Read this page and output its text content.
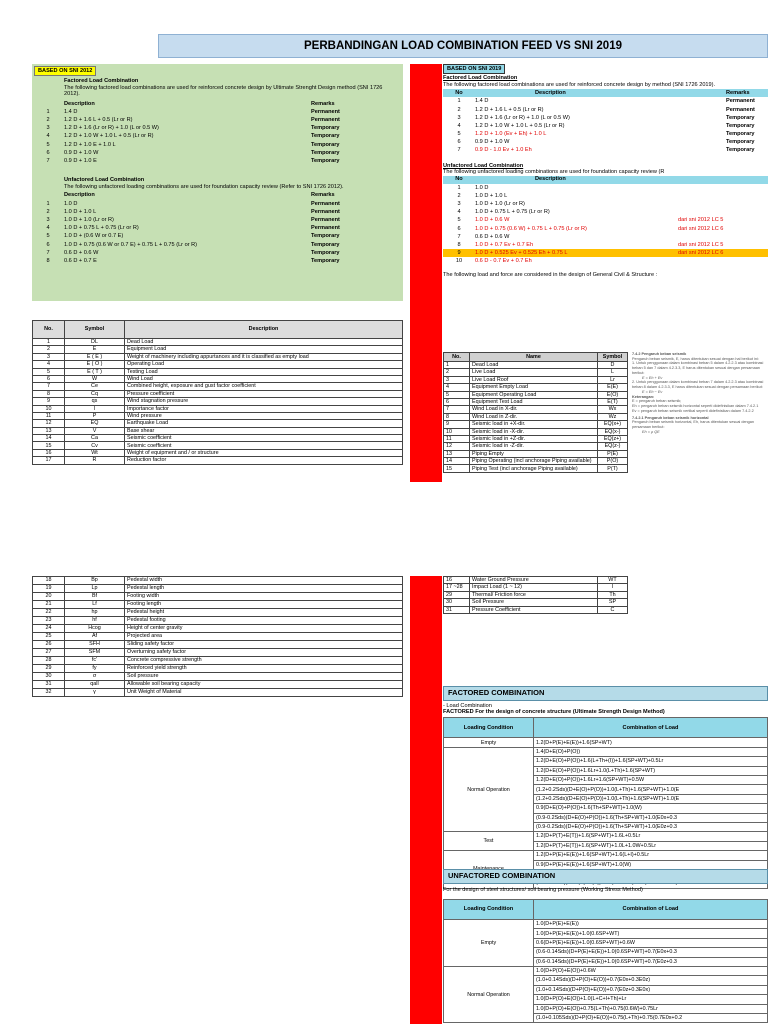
PERBANDINGAN LOAD COMBINATION FEED VS SNI 2019
BASED ON SNI 2012
Factored Load Combination
The following factored load combinations are used for reinforced concrete design by Ultimate Strenght Design method (SNI 1726 2012).
Description	Remarks
1	1.4 D	Permanent
2	1.2 D + 1.6 L + 0.5 (Lr or R)	Permanent
3	1.2 D + 1.6 (Lr or R) + 1.0 (L or 0.5 W)	Temporary
4	1.2 D + 1.0 W + 1.0 L + 0.5 (Lr or R)	Temporary
5	1.2 D + 1.0 E + 1.0 L	Temporary
6	0.9 D + 1.0 W	Temporary
7	0.9 D + 1.0 E	Temporary
Unfactored Load Combination
The following unfactored loading combinations are used for foundation capacity review (Refer to SNI 1726 2012).
Description	Remarks
1	1.0 D	Permanent
2	1.0 D + 1.0 L	Permanent
3	1.0 D + 1.0 (Lr or R)	Permanent
4	1.0 D + 0.75 L + 0.75 (Lr or R)	Permanent
5	1.0 D + (0.6 W or 0.7 E)	Temporary
6	1.0 D + 0.75 (0.6 W or 0.7 E) + 0.75 L + 0.75 (Lr or R)	Temporary
7	0.6 D + 0.6 W	Temporary
8	0.6 D + 0.7 E	Temporary
No.	Symbol	Description
1	DL	Dead Load
2	E	Equipment Load
3	E ( E )	Weight of machinery including appurtances and it is classified as empty load
4	E ( O )	Operating Load
5	E ( T )	Testing Load
6	W	Wind Load
7	Ce	Combined height, exposure and gust factor coefficient
8	Cq	Pressure coefficient
9	qs	Wind stagnation pressure
10	I	Importance factor
11	P	Wind pressure
12	EQ	Earthquake Load
13	V	Base shear
14	Ca	Seismic coefficient
15	Cv	Seismic coefficient
16	Wt	Weight of equipment and / or structure
17	R	Reduction factor
18	Bp	Pedestal width
19	Lp	Pedestal length
20	Bf	Footing width
21	Lf	Footing length
22	hp	Pedestal height
23	hf	Pedestal footing
24	Hcog	Height of center gravity
25	Af	Projected area
26	SFH	Sliding safety factor
27	SFM	Overturning safety factor
28	fc'	Concrete compressive strength
29	fy	Reinforced yield strength
30	σ	Soil pressure
31	qall	Allowable soil bearing capacity
32	γ	Unit Weight of Material
BASED ON SNI 2019
Factored Load Combination
The following factored load combinations are used for reinforced concrete design by method (SNI 1726 2019).
No	Description	Remarks
1	1.4 D	Permanent
2	1.2 D + 1.6 L + 0.5 (Lr or R)	Permanent
3	1.2 D + 1.6 (Lr or R) + 1.0 (L or 0.5 W)	Temporary
4	1.2 D + 1.0 W + 1.0 L + 0.5 (Lr or R)	Temporary
5	1.2 D + 1.0 (Ev + Eh) + 1.0 L	Temporary
6	0.9 D + 1.0 W	Temporary
7	0.9 D - 1.0 Ev + 1.0 Eh	Temporary
Unfactored Load Combination
The following unfactored loading combinations are used for foundation capacity review (R
No	Description
1	1.0 D
2	1.0 D + 1.0 L
3	1.0 D + 1.0 (Lr or R)
4	1.0 D + 0.75 L + 0.75 (Lr or R)
5	1.0 D + 0.6 W	dari sni 2012 LC 5
6	1.0 D + 0.75 (0.6 W) + 0.75 L + 0.75 (Lr or R)	dari sni 2012 LC 6
7	0.6 D + 0.6 W
8	1.0 D + 0.7 Ev + 0.7 Eh	dari sni 2012 LC 5
9	1.0 D + 0.525 Ev + 0.525 Eh + 0.75 L	dari sni 2012 LC 6
10	0.6 D - 0.7 Ev + 0.7 Eh
The following load and force are considered in the design of General Civil & Structure :
No.	Name	Symbol
1	Dead Load	D
2	Live Load	L
3	Live Load Roof	Lr
4	Equipment Empty Load	E(E)
5	Equipment Operating Load	E(O)
6	Equipment Test Load	E(T)
7	Wind Load in X-dir.	Wx
8	Wind Load in Z-dir.	Wz
9	Seismic load in +X-dir.	EQ(x+)
10	Seismic load in -X-dir.	EQ(x-)
11	Seismic load in +Z-dir.	EQ(z+)
12	Seismic load in -Z-dir.	EQ(z-)
13	Piping Empty	P(E)
14	Piping Operating (incl anchorage Piping available)	P(O)
15	Piping Test (incl anchorage Piping available)	P(T)
7.4.2 Pengaruh beban seismik
Pengaruh beban seismik, E, harus ditentukan sesuai dengan hal berikut ini:
1. Untuk penggunaan dalam kombinasi beban 5 dalam 4.2.2.3 atau kombinasi beban 5 dan 7 dalam 4.2.3.3, E harus ditentukan sesuai dengan persamaan berikut:
E = Eh + Ev
2. Untuk penggunaan dalam kombinasi beban 7 dalam 4.2.2.3 atau kombinasi beban 8 dalam 4.2.3.3, E harus ditentukan sesuai dengan persamaan berikut:
E = Eh − Ev
Keterangan:
E = pengaruh beban seismik;
Eh = pengaruh beban seismik horizontal seperti didefinisikan dalam 7.4.2.1
Ev = pengaruh beban seismik vertikal seperti didefinisikan dalam 7.4.2.2
7.4.2.1 Pengaruh beban seismik horizontal
Pengaruh beban seismik horizontal, Eh, harus ditentukan sesuai dengan persamaan berikut:
Eh = ρ QE
16	Water Ground Pressure	WT
17 ~28	Impact Load (1 ~ 12)	I
29	Thermal/ Friction force	Th
30	Soil Pressure	SP
31	Pressure Coefficient	C
FACTORED COMBINATION
- Load Combination
FACTORED For the design of concrete structure (Ultimate Strength Design Method)
Loading Condition	Combination of Load
Empty	1.2(D+P(E)+E(E))+1.6(SP+WT)
Normal Operation	1.4(D+E(O)+P(O))
	1.2(D+E(O)+P(O))+1.6(L+Th+(I))+1.6(SP+WT)+0.5Lr
	1.2(D+E(O)+P(O))+1.6Lr+1.0(L+Th)+1.6(SP+WT)
	1.2(D+E(O)+P(O))+1.6Lr+1.6(SP+WT)+0.5W
	(1.2+0.2Sds)(D+E(O)+P(O))+1.0(L+Th)+1.6(SP+WT)+1.0(E
	(1.2+0.2Sds)(D+E(O)+P(O))+1.0(L+Th)+1.6(SP+WT)+1.0(E
	0.9(D+E(O)+P(O))+1.6(Th+SP+WT)+1.0(W)
	(0.9-0.2Sds)(D+E(O)+P(O))+1.6(Th+SP+WT)+1.0(E0x+0.3
	(0.9-0.2Sds)(D+E(O)+P(O))+1.6(Th+SP+WT)+1.0(E0z+0.3
Test	1.2(D+P(T)+E(T))+1.6(SP+WT)+1.6L+0.5Lr
	1.2(D+P(T)+E(T))+1.6(SP+WT)+1.0L+1.0W+0.5Lr
	1.2(D+P(E)+E(E))+1.6(SP+WT)+1.6(L+I)+0.5Lr
	0.9(D+P(E)+E(E))+1.6(SP+WT)+1.0(W)

UNFACTORED COMBINATION
For the design of steel structures/ soil bearing pressure (Working Stress Method)
Loading Condition	Combination of Load
Empty	1.0(D+P(E)+E(E))
	1.0(D+P(E)+E(E))+1.0(0.6SP+WT)
	0.6(D+P(E)+E(E))+1.0(0.6SP+WT)+0.6W
	(0.6-0.14Sds)(D+P(E)+E(E))+1.0(0.6SP+WT)+0.7(E0x+0.3
	(0.6-0.14Sds)(D+P(E)+E(E))+1.0(0.6SP+WT)+0.7(E0z+0.3
Normal Operation	1.0(D+P(O)+E(O))+0.6W
	(1.0+0.14Sds)(D+P(O)+E(O))+0.7(E0x+0.3E0z)
	(1.0+0.14Sds)(D+P(O)+E(O))+0.7(E0z+0.3E0x)
	1.0(D+P(O)+E(O))+1.0(L+C+I+Th)+Lr
	1.0(D+P(O)+E(O))+0.75(L+Th)+0.75(0.6W)+0.75Lr
	(1.0+0.105Sds)(D+P(O)+E(O))+0.75(L+Th)+0.75(0.7E0x+0.2
